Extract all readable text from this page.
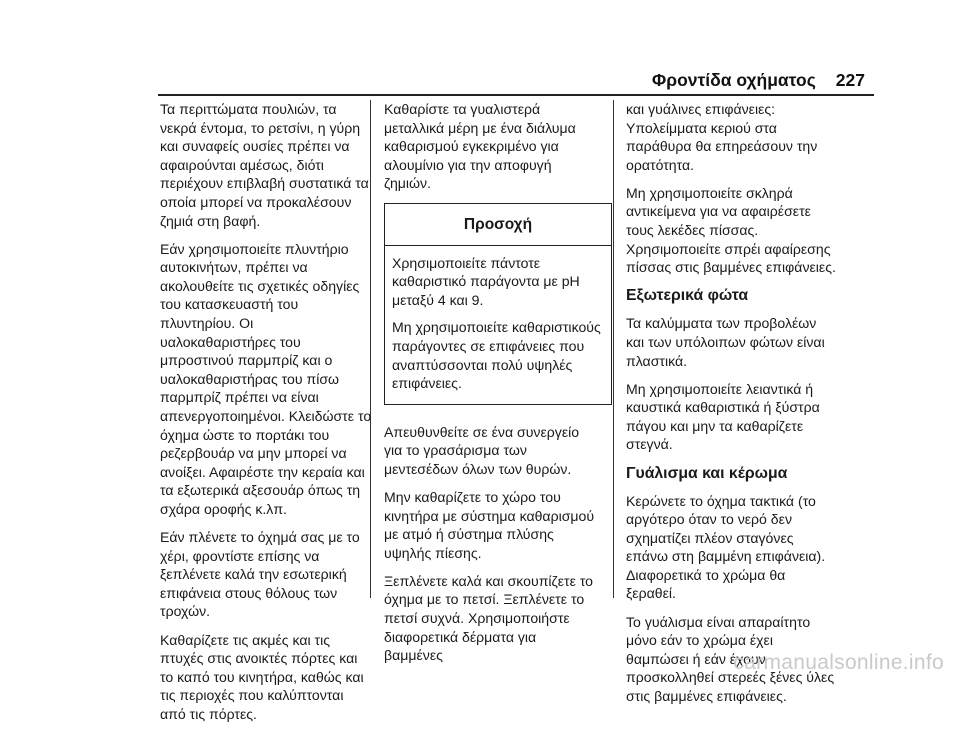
Φροντίδα οχήματος 227

Τα περιττώματα πουλιών, τα νεκρά έντομα, το ρετσίνι, η γύρη και συναφείς ουσίες πρέπει να αφαιρούνται αμέσως, διότι περιέχουν επιβλαβή συστατικά τα οποία μπορεί να προκαλέσουν ζημιά στη βαφή.

Εάν χρησιμοποιείτε πλυντήριο αυτοκινήτων, πρέπει να ακολουθείτε τις σχετικές οδηγίες του κατασκευαστή του πλυντηρίου. Οι υαλοκαθαριστήρες του μπροστινού παρμπρίζ και ο υαλοκαθαριστήρας του πίσω παρμπρίζ πρέπει να είναι απενεργοποιημένοι. Κλειδώστε το όχημα ώστε το πορτάκι του ρεζερβουάρ να μην μπορεί να ανοίξει. Αφαιρέστε την κεραία και τα εξωτερικά αξεσουάρ όπως τη σχάρα οροφής κ.λπ.

Εάν πλένετε το όχημά σας με το χέρι, φροντίστε επίσης να ξεπλένετε καλά την εσωτερική επιφάνεια στους θόλους των τροχών.

Καθαρίζετε τις ακμές και τις πτυχές στις ανοικτές πόρτες και το καπό του κινητήρα, καθώς και τις περιοχές που καλύπτονται από τις πόρτες.

Καθαρίστε τα γυαλιστερά μεταλλικά μέρη με ένα διάλυμα καθαρισμού εγκεκριμένο για αλουμίνιο για την αποφυγή ζημιών.

Προσοχή

Χρησιμοποιείτε πάντοτε καθαριστικό παράγοντα με pH μεταξύ 4 και 9.

Μη χρησιμοποιείτε καθαριστικούς παράγοντες σε επιφάνειες που αναπτύσσονται πολύ υψηλές επιφάνειες.

Απευθυνθείτε σε ένα συνεργείο για το γρασάρισμα των μεντεσέδων όλων των θυρών.

Μην καθαρίζετε το χώρο του κινητήρα με σύστημα καθαρισμού με ατμό ή σύστημα πλύσης υψηλής πίεσης.

Ξεπλένετε καλά και σκουπίζετε το όχημα με το πετσί. Ξεπλένετε το πετσί συχνά. Χρησιμοποιήστε διαφορετικά δέρματα για βαμμένες

και γυάλινες επιφάνειες: Υπολείμματα κεριού στα παράθυρα θα επηρεάσουν την ορατότητα.

Μη χρησιμοποιείτε σκληρά αντικείμενα για να αφαιρέσετε τους λεκέδες πίσσας. Χρησιμοποιείτε σπρέι αφαίρεσης πίσσας στις βαμμένες επιφάνειες.

Εξωτερικά φώτα

Τα καλύμματα των προβολέων και των υπόλοιπων φώτων είναι πλαστικά.

Μη χρησιμοποιείτε λειαντικά ή καυστικά καθαριστικά ή ξύστρα πάγου και μην τα καθαρίζετε στεγνά.

Γυάλισμα και κέρωμα

Κερώνετε το όχημα τακτικά (το αργότερο όταν το νερό δεν σχηματίζει πλέον σταγόνες επάνω στη βαμμένη επιφάνεια). Διαφορετικά το χρώμα θα ξεραθεί.

Το γυάλισμα είναι απαραίτητο μόνο εάν το χρώμα έχει θαμπώσει ή εάν έχουν προσκολληθεί στερεές ξένες ύλες στις βαμμένες επιφάνειες.

carmanualsonline.info
